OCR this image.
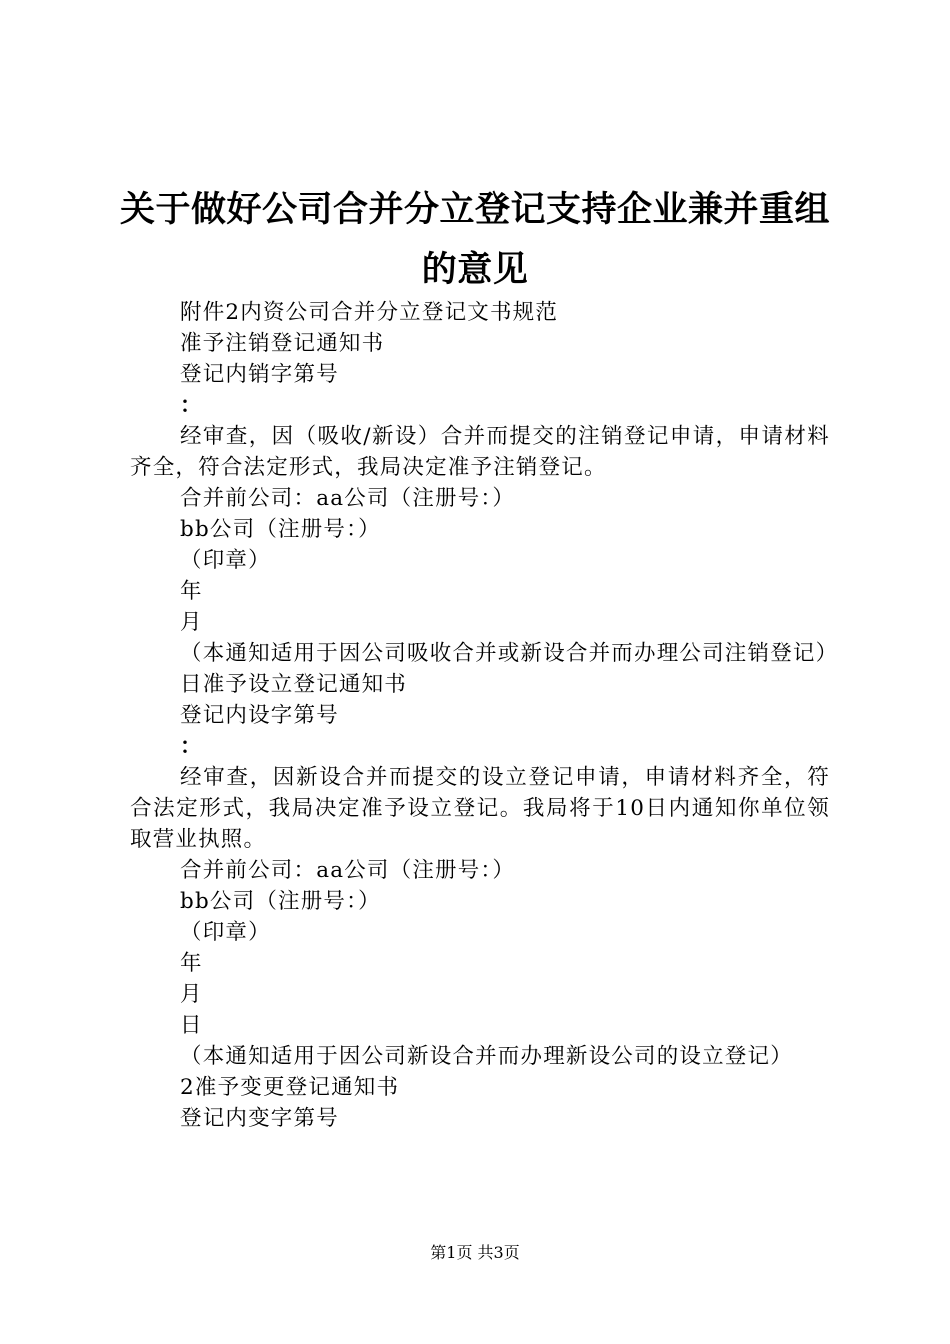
关于做好公司合并分立登记支持企业兼并重组
的意见

附件2内资公司合并分立登记文书规范

准予注销登记通知书

登记内销字第号

：

经审查，因（吸收/新设）合并而提交的注销登记申请，申请材料齐全，符合法定形式，我局决定准予注销登记。

合并前公司：aa公司（注册号：）

bb公司（注册号：）

（印章）

年

月

（本通知适用于因公司吸收合并或新设合并而办理公司注销登记）

日准予设立登记通知书

登记内设字第号

：

经审查，因新设合并而提交的设立登记申请，申请材料齐全，符合法定形式，我局决定准予设立登记。我局将于10日内通知你单位领取营业执照。

合并前公司：aa公司（注册号：）

bb公司（注册号：）

（印章）

年

月

日

（本通知适用于因公司新设合并而办理新设公司的设立登记）

2准予变更登记通知书

登记内变字第号

第1页 共3页
